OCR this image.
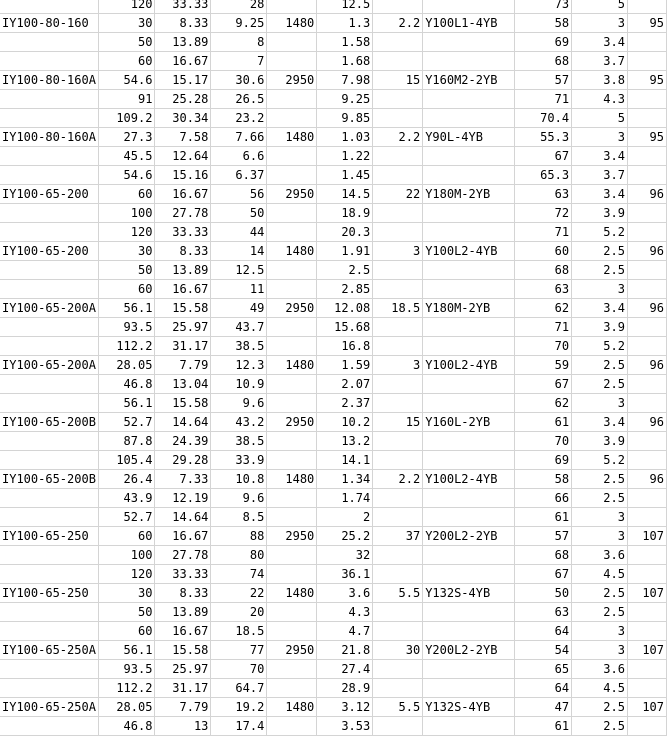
	120	33.33	28		12.5			73	5	
IY100-80-160	30	8.33	9.25	1480	1.3	2.2	Y100L1-4YB	58	3	95
	50	13.89	8		1.58			69	3.4	
	60	16.67	7		1.68			68	3.7	
IY100-80-160A	54.6	15.17	30.6	2950	7.98	15	Y160M2-2YB	57	3.8	95
	91	25.28	26.5		9.25			71	4.3	
	109.2	30.34	23.2		9.85			70.4	5	
IY100-80-160A	27.3	7.58	7.66	1480	1.03	2.2	Y90L-4YB	55.3	3	95
	45.5	12.64	6.6		1.22			67	3.4	
	54.6	15.16	6.37		1.45			65.3	3.7	
IY100-65-200	60	16.67	56	2950	14.5	22	Y180M-2YB	63	3.4	96
	100	27.78	50		18.9			72	3.9	
	120	33.33	44		20.3			71	5.2	
IY100-65-200	30	8.33	14	1480	1.91	3	Y100L2-4YB	60	2.5	96
	50	13.89	12.5		2.5			68	2.5	
	60	16.67	11		2.85			63	3	
IY100-65-200A	56.1	15.58	49	2950	12.08	18.5	Y180M-2YB	62	3.4	96
	93.5	25.97	43.7		15.68			71	3.9	
	112.2	31.17	38.5		16.8			70	5.2	
IY100-65-200A	28.05	7.79	12.3	1480	1.59	3	Y100L2-4YB	59	2.5	96
	46.8	13.04	10.9		2.07			67	2.5	
	56.1	15.58	9.6		2.37			62	3	
IY100-65-200B	52.7	14.64	43.2	2950	10.2	15	Y160L-2YB	61	3.4	96
	87.8	24.39	38.5		13.2			70	3.9	
	105.4	29.28	33.9		14.1			69	5.2	
IY100-65-200B	26.4	7.33	10.8	1480	1.34	2.2	Y100L2-4YB	58	2.5	96
	43.9	12.19	9.6		1.74			66	2.5	
	52.7	14.64	8.5		2			61	3	
IY100-65-250	60	16.67	88	2950	25.2	37	Y200L2-2YB	57	3	107
	100	27.78	80		32			68	3.6	
	120	33.33	74		36.1			67	4.5	
IY100-65-250	30	8.33	22	1480	3.6	5.5	Y132S-4YB	50	2.5	107
	50	13.89	20		4.3			63	2.5	
	60	16.67	18.5		4.7			64	3	
IY100-65-250A	56.1	15.58	77	2950	21.8	30	Y200L2-2YB	54	3	107
	93.5	25.97	70		27.4			65	3.6	
	112.2	31.17	64.7		28.9			64	4.5	
IY100-65-250A	28.05	7.79	19.2	1480	3.12	5.5	Y132S-4YB	47	2.5	107
	46.8	13	17.4		3.53			61	2.5	
